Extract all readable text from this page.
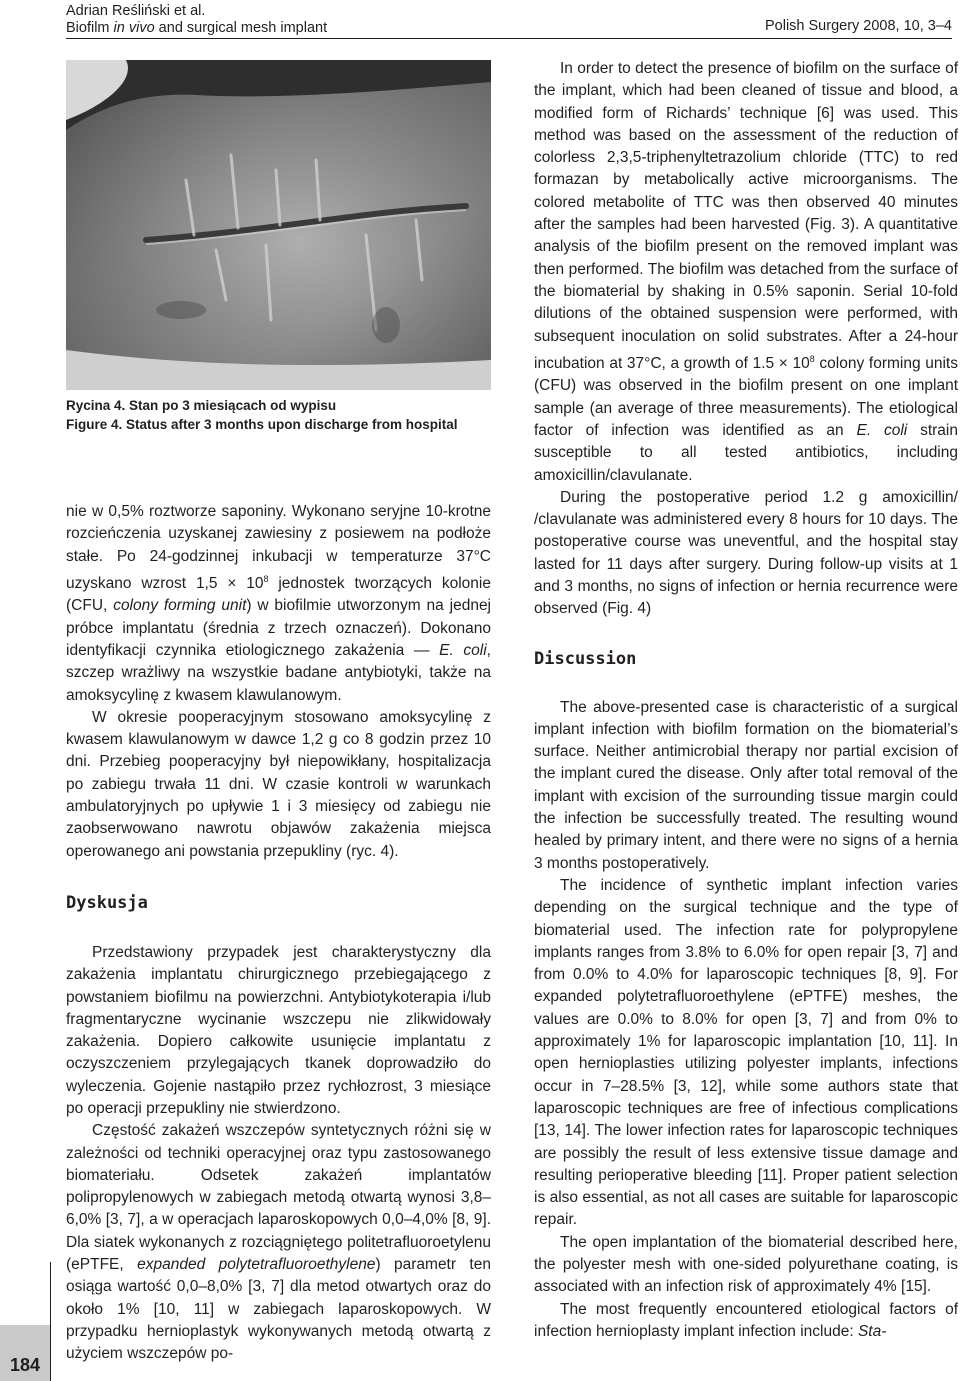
Adrian Reśliński et al.
Biofilm in vivo and surgical mesh implant	Polish Surgery 2008, 10, 3–4
Rycina 4. Stan po 3 miesiącach od wypisu
Figure 4. Status after 3 months upon discharge from hospital

nie w 0,5% roztworze saponiny. Wykonano seryjne 10-krotne rozcieńczenia uzyskanej zawiesiny z posiewem na podłoże stałe. Po 24-godzinnej inkubacji w temperaturze 37°C uzyskano wzrost $1,5 \times 10^8$ jednostek tworzących kolonie (CFU, colony forming unit) w biofilmie utworzonym na jednej próbce implantatu (średnia z trzech oznaczeń). Dokonano identyfikacji czynnika etiologicznego zakażenia — E. coli, szczep wrażliwy na wszystkie badane antybiotyki, także na amoksycylinę z kwasem klawulanowym.

W okresie pooperacyjnym stosowano amoksycylinę z kwasem klawulanowym w dawce 1,2 g co 8 godzin przez 10 dni. Przebieg pooperacyjny był niepowikłany, hospitalizacja po zabiegu trwała 11 dni. W czasie kontroli w warunkach ambulatoryjnych po upływie 1 i 3 miesięcy od zabiegu nie zaobserwowano nawrotu objawów zakażenia miejsca operowanego ani powstania przepukliny (ryc. 4).

Dyskusja

Przedstawiony przypadek jest charakterystyczny dla zakażenia implantatu chirurgicznego przebiegającego z powstaniem biofilmu na powierzchni. Antybiotykoterapia i/lub fragmentaryczne wycinanie wszczepu nie zlikwidowały zakażenia. Dopiero całkowite usunięcie implantatu z oczyszczeniem przylegających tkanek doprowadziło do wyleczenia. Gojenie nastąpiło przez rychłozrost, 3 miesiące po operacji przepukliny nie stwierdzono.

Częstość zakażeń wszczepów syntetycznych różni się w zależności od techniki operacyjnej oraz typu zastosowanego biomateriału. Odsetek zakażeń implantatów polipropylenowych w zabiegach metodą otwartą wynosi 3,8–6,0% [3, 7], a w operacjach laparoskopowych 0,0–4,0% [8, 9]. Dla siatek wykonanych z rozciągniętego politetrafluoroetylenu (ePTFE, expanded polytetrafluoroethylene) parametr ten osiąga wartość 0,0–8,0% [3, 7] dla metod otwartych oraz do około 1% [10, 11] w zabiegach laparoskopowych. W przypadku hernioplastyk wykonywanych metodą otwartą z użyciem wszczepów po-

In order to detect the presence of biofilm on the surface of the implant, which had been cleaned of tissue and blood, a modified form of Richards’ technique [6] was used. This method was based on the assessment of the reduction of colorless 2,3,5-triphenyltetrazolium chloride (TTC) to red formazan by metabolically active microorganisms. The colored metabolite of TTC was then observed 40 minutes after the samples had been harvested (Fig. 3). A quantitative analysis of the biofilm present on the removed implant was then performed. The biofilm was detached from the surface of the biomaterial by shaking in 0.5% saponin. Serial 10-fold dilutions of the obtained suspension were performed, with subsequent inoculation on solid substrates. After a 24-hour incubation at 37°C, a growth of $1.5 \times 10^8$ colony forming units (CFU) was observed in the biofilm present on one implant sample (an average of three measurements). The etiological factor of infection was identified as an E. coli strain susceptible to all tested antibiotics, including amoxicillin/clavulanate.

During the postoperative period 1.2 g amoxicillin/ /clavulanate was administered every 8 hours for 10 days. The postoperative course was uneventful, and the hospital stay lasted for 11 days after surgery. During follow-up visits at 1 and 3 months, no signs of infection or hernia recurrence were observed (Fig. 4)

Discussion

The above-presented case is characteristic of a surgical implant infection with biofilm formation on the biomaterial’s surface. Neither antimicrobial therapy nor partial excision of the implant cured the disease. Only after total removal of the implant with excision of the surrounding tissue margin could the infection be successfully treated. The resulting wound healed by primary intent, and there were no signs of a hernia 3 months postoperatively.

The incidence of synthetic implant infection varies depending on the surgical technique and the type of biomaterial used. The infection rate for polypropylene implants ranges from 3.8% to 6.0% for open repair [3, 7] and from 0.0% to 4.0% for laparoscopic techniques [8, 9]. For expanded polytetrafluoroethylene (ePTFE) meshes, the values are 0.0% to 8.0% for open [3, 7] and from 0% to approximately 1% for laparoscopic implantation [10, 11]. In open hernioplasties utilizing polyester implants, infections occur in 7–28.5% [3, 12], while some authors state that laparoscopic techniques are free of infectious complications [13, 14]. The lower infection rates for laparoscopic techniques are possibly the result of less extensive tissue damage and resulting perioperative bleeding [11]. Proper patient selection is also essential, as not all cases are suitable for laparoscopic repair.

The open implantation of the biomaterial described here, the polyester mesh with one-sided polyurethane coating, is associated with an infection risk of approximately 4% [15].

The most frequently encountered etiological factors of infection hernioplasty implant infection include: Sta-

184
